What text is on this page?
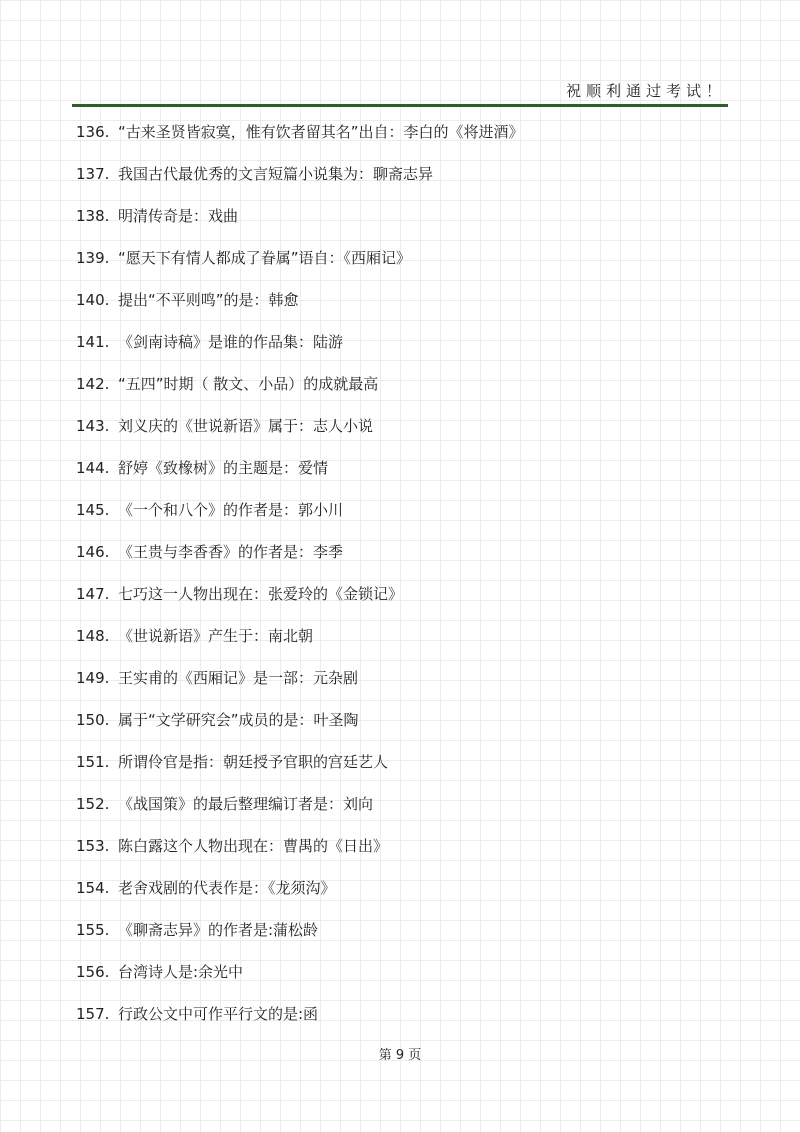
祝顺利通过考试！
136. “古来圣贤皆寂寞，惟有饮者留其名”出自：李白的《将进酒》
137. 我国古代最优秀的文言短篇小说集为：聊斋志异
138. 明清传奇是：戏曲
139. “愿天下有情人都成了眷属”语自：《西厢记》
140. 提出“不平则鸣”的是：韩愈
141. 《剑南诗稿》是谁的作品集：陆游
142. “五四”时期（ 散文、小品）的成就最高
143. 刘义庆的《世说新语》属于：志人小说
144. 舒婷《致橡树》的主题是：爱情
145. 《一个和八个》的作者是：郭小川
146. 《王贵与李香香》的作者是：李季
147. 七巧这一人物出现在：张爱玲的《金锁记》
148. 《世说新语》产生于：南北朝
149. 王实甫的《西厢记》是一部：元杂剧
150. 属于“文学研究会”成员的是：叶圣陶
151. 所谓伶官是指：朝廷授予官职的宫廷艺人
152. 《战国策》的最后整理编订者是：刘向
153. 陈白露这个人物出现在：曹禺的《日出》
154. 老舍戏剧的代表作是：《龙须沟》
155. 《聊斋志异》的作者是:蒲松龄
156. 台湾诗人是:余光中
157. 行政公文中可作平行文的是:函
第 9 页
